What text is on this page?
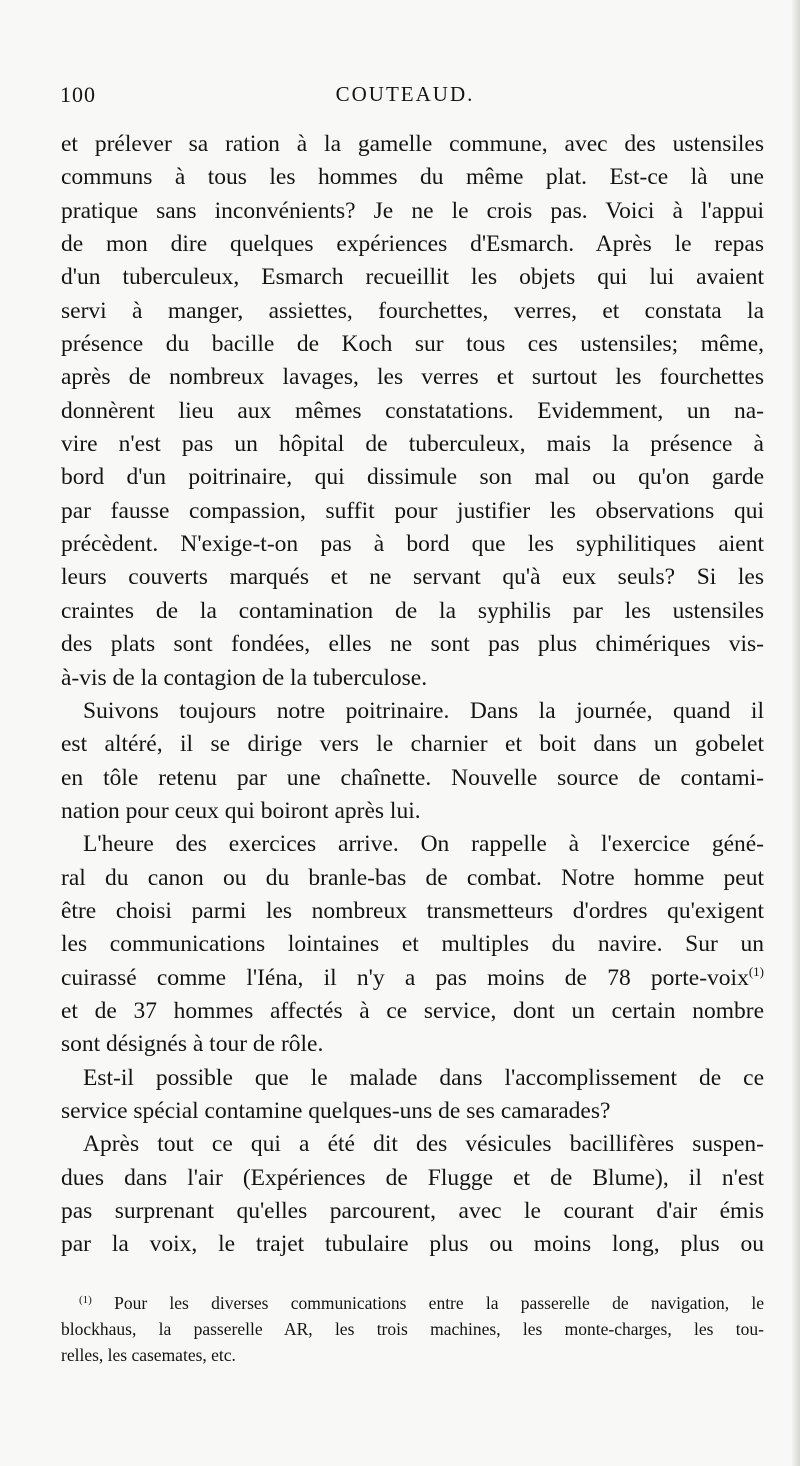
100	COUTEAUD.
et prélever sa ration à la gamelle commune, avec des ustensiles
communs à tous les hommes du même plat. Est-ce là une
pratique sans inconvénients? Je ne le crois pas. Voici à l'appui
de mon dire quelques expériences d'Esmarch. Après le repas
d'un tuberculeux, Esmarch recueillit les objets qui lui avaient
servi à manger, assiettes, fourchettes, verres, et constata la
présence du bacille de Koch sur tous ces ustensiles; même,
après de nombreux lavages, les verres et surtout les fourchettes
donnèrent lieu aux mêmes constatations. Evidemment, un na-
vire n'est pas un hôpital de tuberculeux, mais la présence à
bord d'un poitrinaire, qui dissimule son mal ou qu'on garde
par fausse compassion, suffit pour justifier les observations qui
précèdent. N'exige-t-on pas à bord que les syphilitiques aient
leurs couverts marqués et ne servant qu'à eux seuls? Si les
craintes de la contamination de la syphilis par les ustensiles
des plats sont fondées, elles ne sont pas plus chimériques vis-
à-vis de la contagion de la tuberculose.
Suivons toujours notre poitrinaire. Dans la journée, quand il
est altéré, il se dirige vers le charnier et boit dans un gobelet
en tôle retenu par une chaînette. Nouvelle source de contami-
nation pour ceux qui boiront après lui.
L'heure des exercices arrive. On rappelle à l'exercice géné-
ral du canon ou du branle-bas de combat. Notre homme peut
être choisi parmi les nombreux transmetteurs d'ordres qu'exigent
les communications lointaines et multiples du navire. Sur un
cuirassé comme l'Iéna, il n'y a pas moins de 78 porte-voix$^{(1)}$
et de 37 hommes affectés à ce service, dont un certain nombre
sont désignés à tour de rôle.
Est-il possible que le malade dans l'accomplissement de ce
service spécial contamine quelques-uns de ses camarades?
Après tout ce qui a été dit des vésicules bacillifères suspen-
dues dans l'air (Expériences de Flugge et de Blume), il n'est
pas surprenant qu'elles parcourent, avec le courant d'air émis
par la voix, le trajet tubulaire plus ou moins long, plus ou
$^{(1)}$ Pour les diverses communications entre la passerelle de navigation, le
blockhaus, la passerelle AR, les trois machines, les monte-charges, les tou-
relles, les casemates, etc.
